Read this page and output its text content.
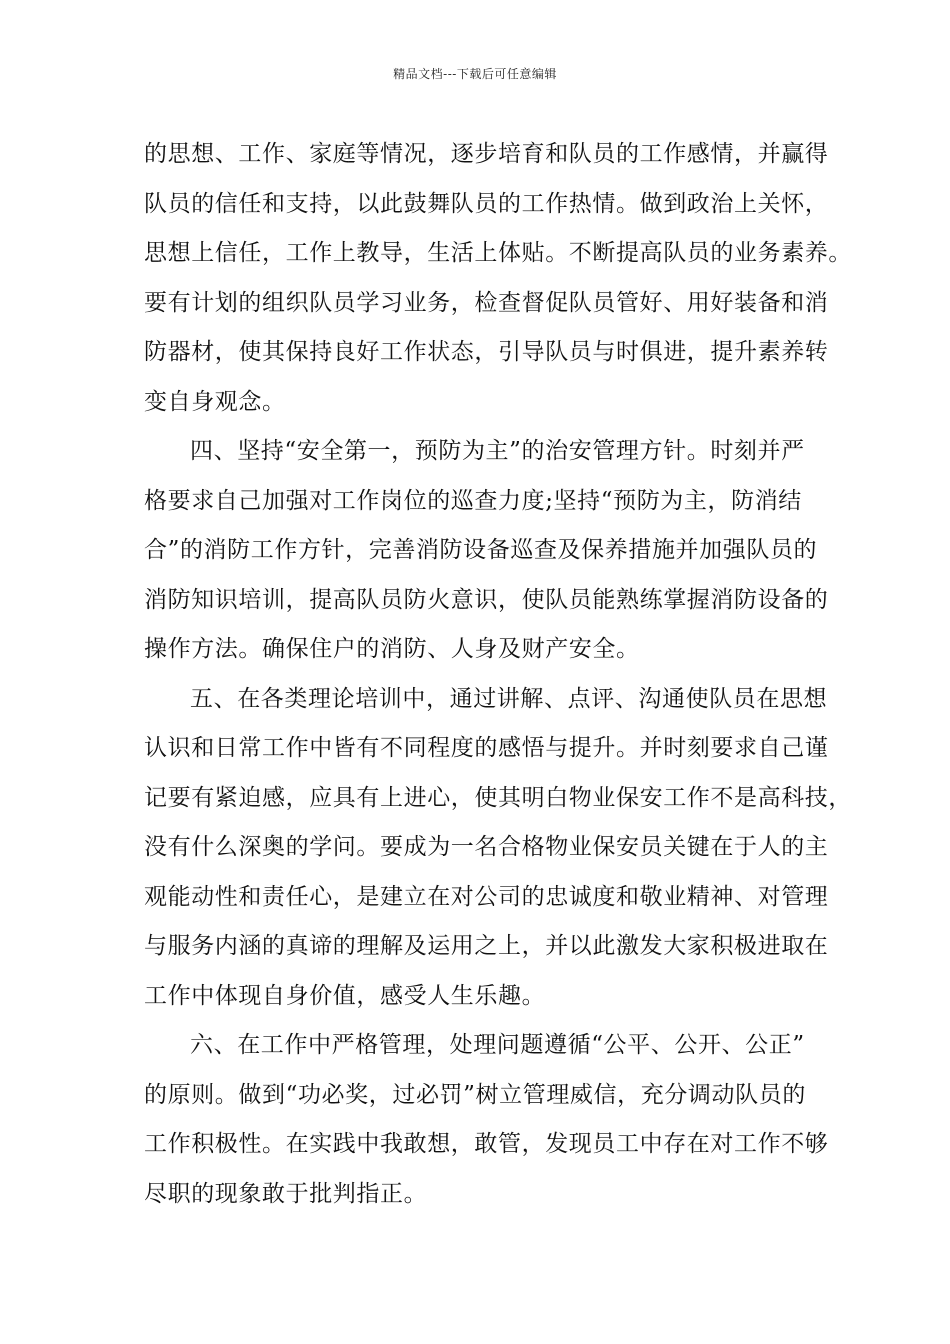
精品文档---下载后可任意编辑
的思想、工作、家庭等情况，逐步培育和队员的工作感情，并赢得
队员的信任和支持，以此鼓舞队员的工作热情。做到政治上关怀，
思想上信任，工作上教导，生活上体贴。不断提高队员的业务素养。
要有计划的组织队员学习业务，检查督促队员管好、用好装备和消
防器材，使其保持良好工作状态，引导队员与时俱进，提升素养转
变自身观念。
四、坚持“安全第一，预防为主”的治安管理方针。时刻并严
格要求自己加强对工作岗位的巡查力度;坚持“预防为主，防消结
合”的消防工作方针，完善消防设备巡查及保养措施并加强队员的
消防知识培训，提高队员防火意识，使队员能熟练掌握消防设备的
操作方法。确保住户的消防、人身及财产安全。
五、在各类理论培训中，通过讲解、点评、沟通使队员在思想
认识和日常工作中皆有不同程度的感悟与提升。并时刻要求自己谨
记要有紧迫感，应具有上进心，使其明白物业保安工作不是高科技，
没有什么深奥的学问。要成为一名合格物业保安员关键在于人的主
观能动性和责任心，是建立在对公司的忠诚度和敬业精神、对管理
与服务内涵的真谛的理解及运用之上，并以此激发大家积极进取在
工作中体现自身价值，感受人生乐趣。
六、在工作中严格管理，处理问题遵循“公平、公开、公正”
的原则。做到“功必奖，过必罚”树立管理威信，充分调动队员的
工作积极性。在实践中我敢想，敢管，发现员工中存在对工作不够
尽职的现象敢于批判指正。
